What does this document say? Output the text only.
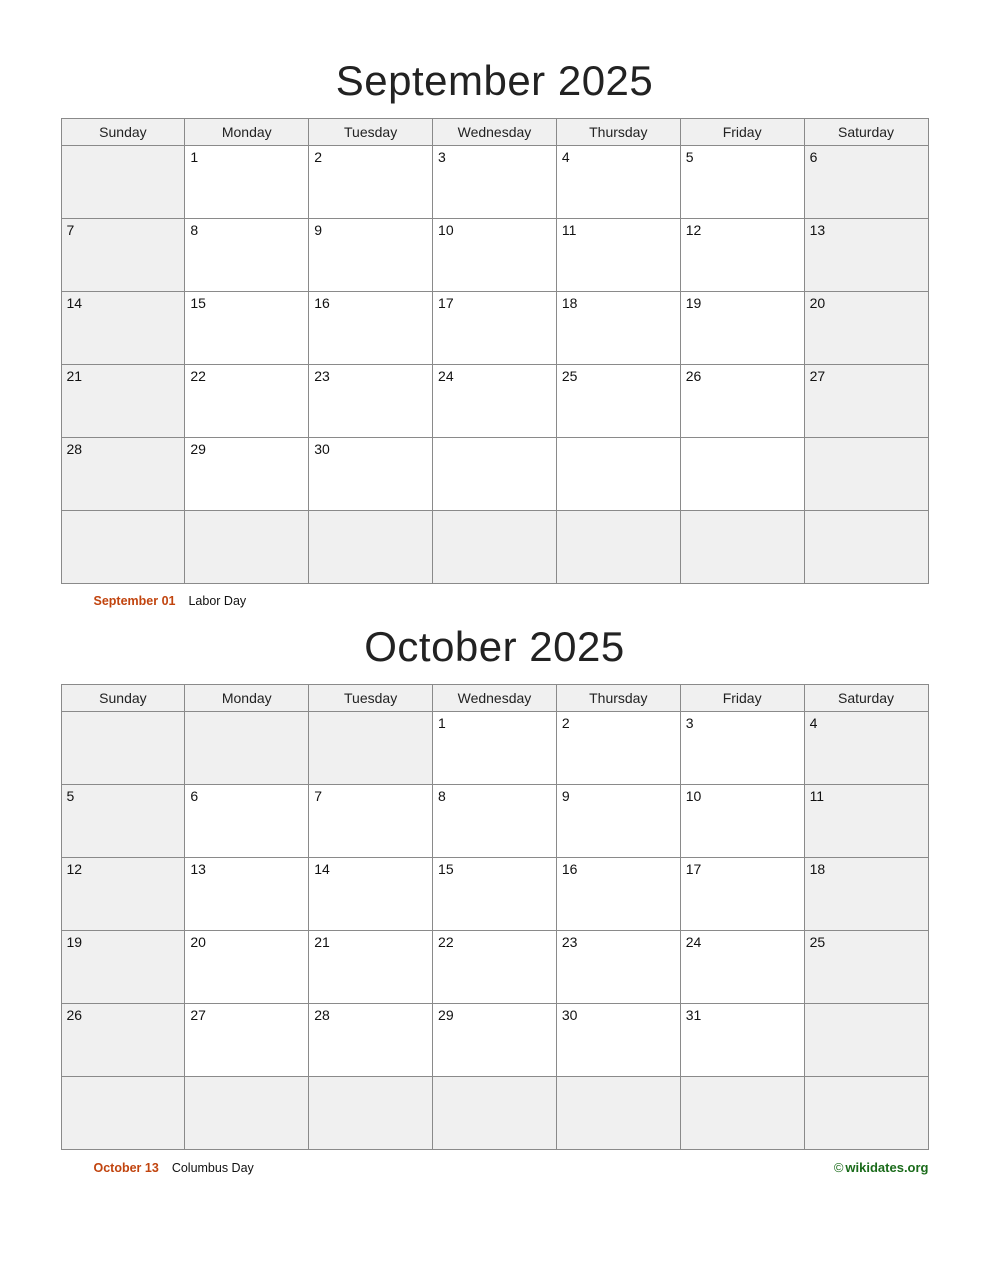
September 2025
Sunday	Monday	Tuesday	Wednesday	Thursday	Friday	Saturday
	1	2	3	4	5	6
7	8	9	10	11	12	13
14	15	16	17	18	19	20
21	22	23	24	25	26	27
28	29	30				

September 01 Labor Day
October 2025
Sunday	Monday	Tuesday	Wednesday	Thursday	Friday	Saturday
			1	2	3	4
5	6	7	8	9	10	11
12	13	14	15	16	17	18
19	20	21	22	23	24	25
26	27	28	29	30	31	

October 13 Columbus Day	© wikidates.org
